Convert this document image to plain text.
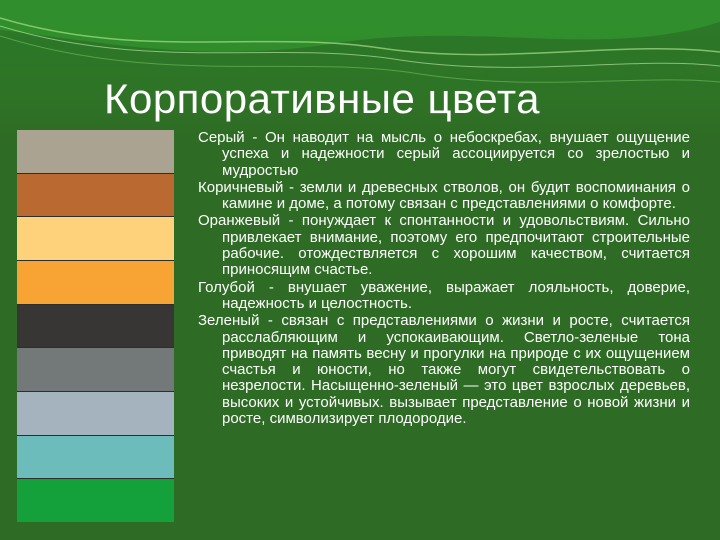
Корпоративные цвета

Серый - Он наводит на мысль о небоскребах, внушает ощущение успеха и надежности серый ассоциируется со зрелостью и мудростью

Коричневый - земли и древесных стволов, он будит воспоминания о камине и доме, а потому связан с представлениями о комфорте.

Оранжевый - понуждает к спонтанности и удовольствиям. Сильно привлекает внимание, поэтому его предпочитают строительные рабочие. отождествляется с хорошим качеством, считается приносящим счастье.

Голубой - внушает уважение, выражает лояльность, доверие, надежность и целостность.

Зеленый - связан с представлениями о жизни и росте, считается расслабляющим и успокаивающим. Светло-зеленые тона приводят на память весну и прогулки на природе с их ощущением счастья и юности, но также могут свидетельствовать о незрелости. Насыщенно-зеленый — это цвет взрослых деревьев, высоких и устойчивых. вызывает представление о новой жизни и росте, символизирует плодородие.
